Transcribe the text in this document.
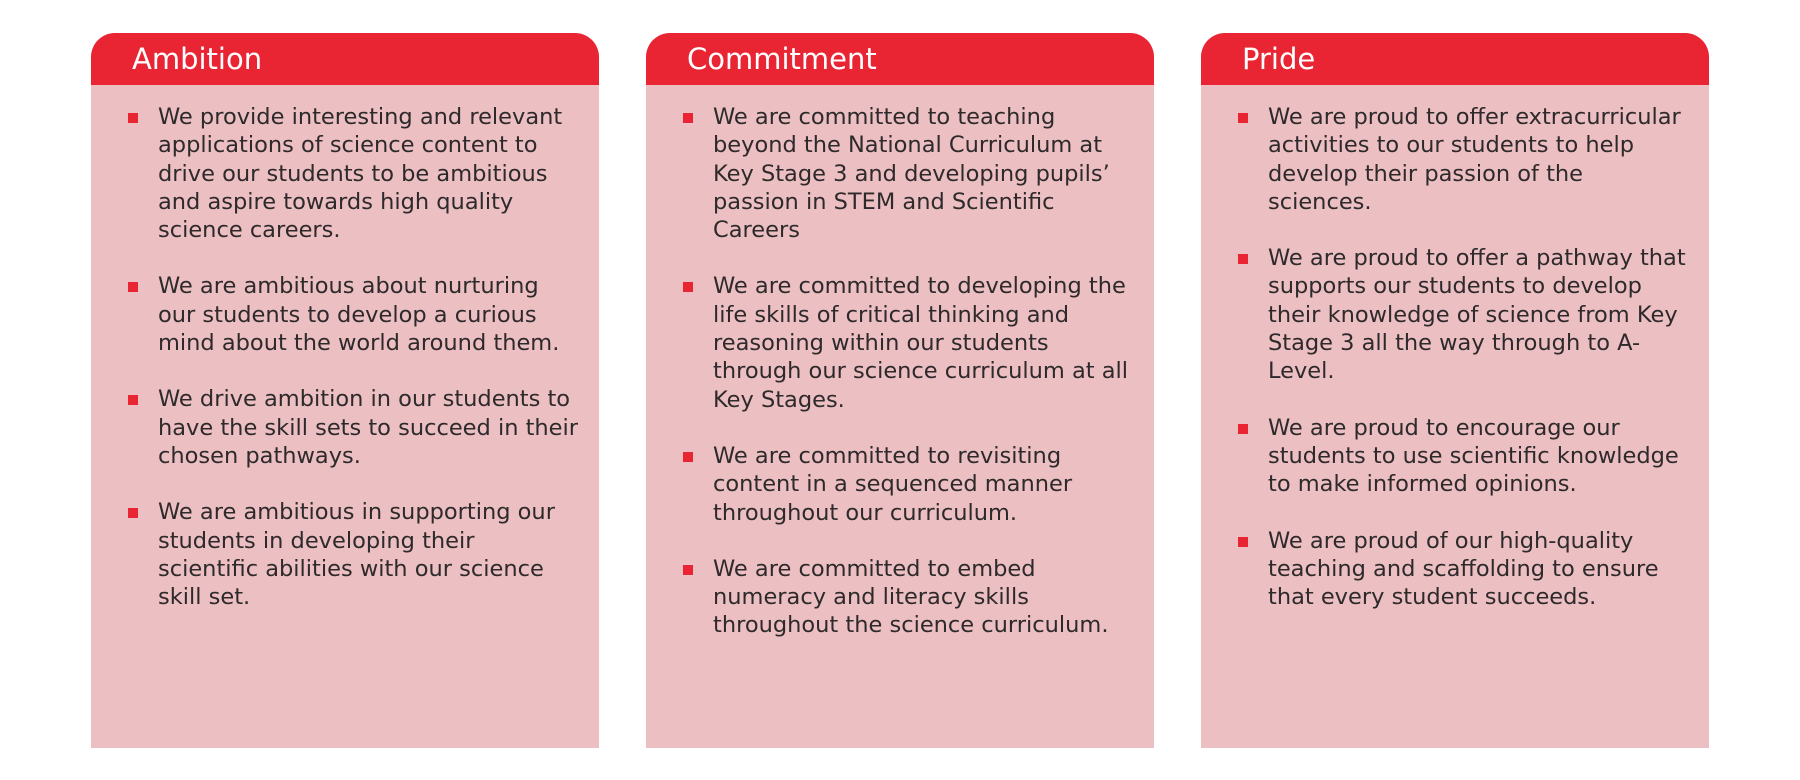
Ambition
We provide interesting and relevant applications of science content to drive our students to be ambitious and aspire towards high quality science careers.
We are ambitious about nurturing our students to develop a curious mind about the world around them.
We drive ambition in our students to have the skill sets to succeed in their chosen pathways.
We are ambitious in supporting our students in developing their scientific abilities with our science skill set.
Commitment
We are committed to teaching beyond the National Curriculum at Key Stage 3 and developing pupils’ passion in STEM and Scientific Careers
We are committed to developing the life skills of critical thinking and reasoning within our students through our science curriculum at all Key Stages.
We are committed to revisiting content in a sequenced manner throughout our curriculum.
We are committed to embed numeracy and literacy skills throughout the science curriculum.
Pride
We are proud to offer extracurricular activities to our students to help develop their passion of the sciences.
We are proud to offer a pathway that supports our students to develop their knowledge of science from Key Stage 3 all the way through to A-Level.
We are proud to encourage our students to use scientific knowledge to make informed opinions.
We are proud of our high-quality teaching and scaffolding to ensure that every student succeeds.
